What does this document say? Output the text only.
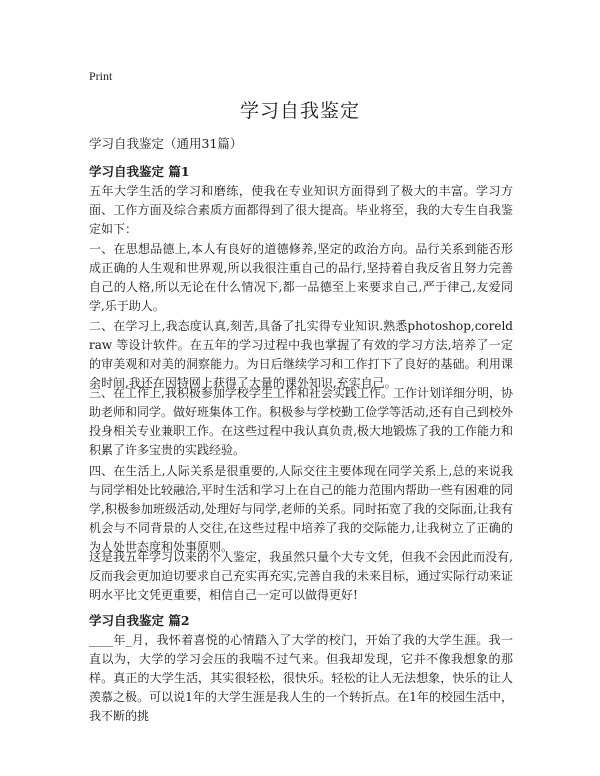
Print
学习自我鉴定

学习自我鉴定（通用31篇）

学习自我鉴定 篇1

五年大学生活的学习和磨练，使我在专业知识方面得到了极大的丰富。学习方面、工作方面及综合素质方面都得到了很大提高。毕业将至，我的大专生自我鉴定如下：

一、在思想品德上,本人有良好的道德修养,坚定的政治方向。品行关系到能否形成正确的人生观和世界观,所以我很注重自己的品行,坚持着自我反省且努力完善自己的人格,所以无论在什么情况下,都一品德至上来要求自己,严于律己,友爱同学,乐于助人。

二、在学习上,我态度认真,刻苦,具备了扎实得专业知识.熟悉photoshop,coreldraw 等设计软件。在五年的学习过程中我也掌握了有效的学习方法,培养了一定的审美观和对美的洞察能力。为日后继续学习和工作打下了良好的基础。利用课余时间,我还在因特网上获得了大量的课外知识,充实自己。

三、在工作上,我积极参加学校学生工作和社会实践工作。工作计划详细分明，协助老师和同学。做好班集体工作。积极参与学校勤工俭学等活动,还有自己到校外投身相关专业兼职工作。在这些过程中我认真负责,极大地锻炼了我的工作能力和积累了许多宝贵的实践经验。

四、在生活上,人际关系是很重要的,人际交往主要体现在同学关系上,总的来说我与同学相处比较融洽,平时生活和学习上在自己的能力范围内帮助一些有困难的同学,积极参加班级活动,处理好与同学,老师的关系。同时拓宽了我的交际面,让我有机会与不同背景的人交往,在这些过程中培养了我的交际能力,让我树立了正确的为人处世态度和处事原则。

这是我五年学习以来的个人鉴定，我虽然只量个大专文凭，但我不会因此而没有,反而我会更加迫切要求自己充实再充实,完善自我的未来目标，通过实际行动来证明水平比文凭更重要，相信自己一定可以做得更好!

学习自我鉴定 篇2

____年_月，我怀着喜悦的心情踏入了大学的校门，开始了我的大学生涯。我一直以为，大学的学习会压的我喘不过气来。但我却发现，它并不像我想象的那样。真正的大学生活，其实很轻松，很快乐。轻松的让人无法想象，快乐的让人羡慕之极。可以说1年的大学生涯是我人生的一个转折点。在1年的校园生活中，我不断的挑
